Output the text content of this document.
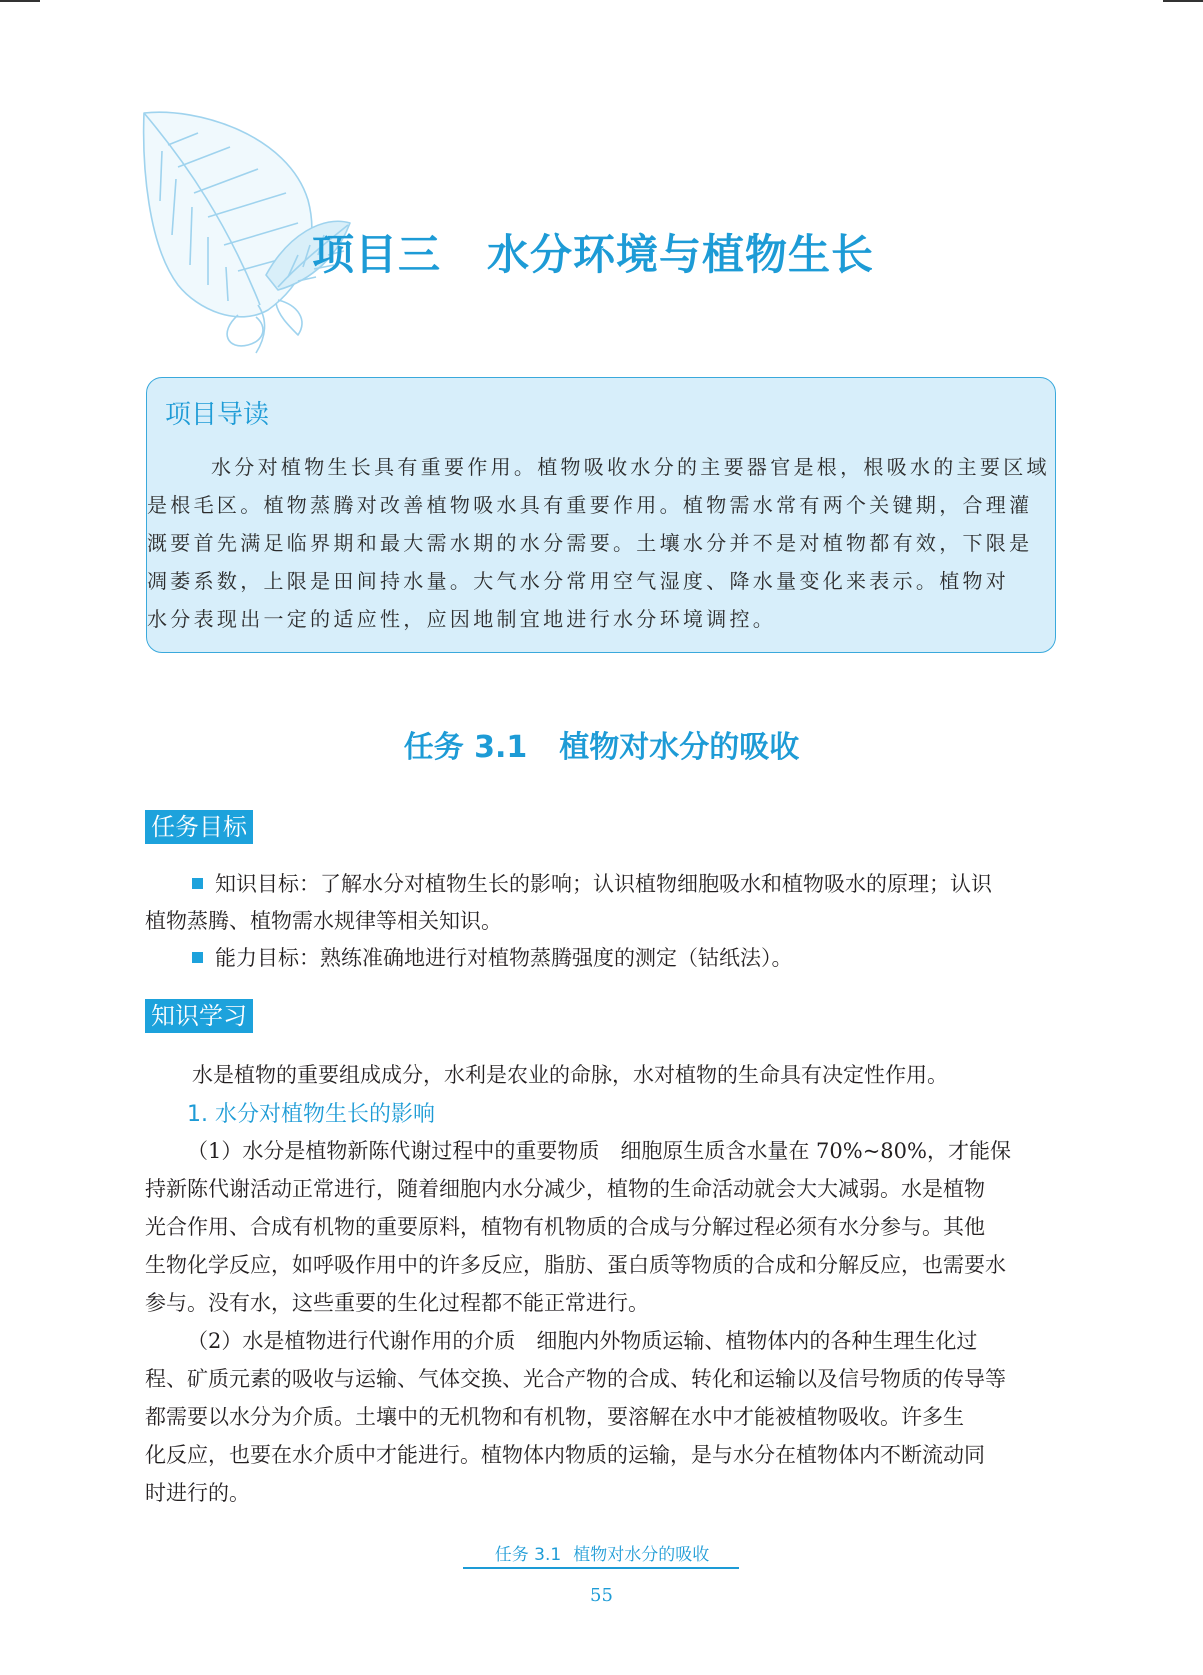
项目三 水分环境与植物生长
项目导读
水分对植物生长具有重要作用。植物吸收水分的主要器官是根，根吸水的主要区域
是根毛区。植物蒸腾对改善植物吸水具有重要作用。植物需水常有两个关键期，合理灌
溉要首先满足临界期和最大需水期的水分需要。土壤水分并不是对植物都有效，下限是
凋萎系数，上限是田间持水量。大气水分常用空气湿度、降水量变化来表示。植物对
水分表现出一定的适应性，应因地制宜地进行水分环境调控。
任务 3.1 植物对水分的吸收
任务目标
知识目标：了解水分对植物生长的影响；认识植物细胞吸水和植物吸水的原理；认识
植物蒸腾、植物需水规律等相关知识。
能力目标：熟练准确地进行对植物蒸腾强度的测定（钴纸法）。
知识学习
水是植物的重要组成成分，水利是农业的命脉，水对植物的生命具有决定性作用。
1. 水分对植物生长的影响
（1）水分是植物新陈代谢过程中的重要物质　细胞原生质含水量在 70%~80%，才能保
持新陈代谢活动正常进行，随着细胞内水分减少，植物的生命活动就会大大减弱。水是植物
光合作用、合成有机物的重要原料，植物有机物质的合成与分解过程必须有水分参与。其他
生物化学反应，如呼吸作用中的许多反应，脂肪、蛋白质等物质的合成和分解反应，也需要水
参与。没有水，这些重要的生化过程都不能正常进行。
（2）水是植物进行代谢作用的介质　细胞内外物质运输、植物体内的各种生理生化过
程、矿质元素的吸收与运输、气体交换、光合产物的合成、转化和运输以及信号物质的传导等
都需要以水分为介质。土壤中的无机物和有机物，要溶解在水中才能被植物吸收。许多生
化反应，也要在水介质中才能进行。植物体内物质的运输，是与水分在植物体内不断流动同
时进行的。
任务 3.1 植物对水分的吸收
55
